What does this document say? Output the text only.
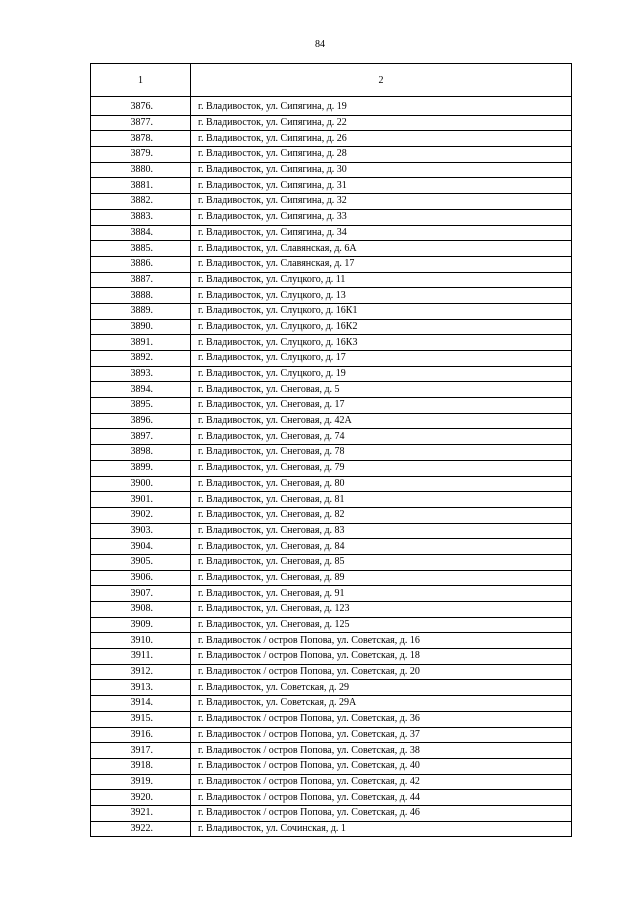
84
1	2

3876.	г. Владивосток, ул. Сипягина, д. 19
3877.	г. Владивосток, ул. Сипягина, д. 22
3878.	г. Владивосток, ул. Сипягина, д. 26
3879.	г. Владивосток, ул. Сипягина, д. 28
3880.	г. Владивосток, ул. Сипягина, д. 30
3881.	г. Владивосток, ул. Сипягина, д. 31
3882.	г. Владивосток, ул. Сипягина, д. 32
3883.	г. Владивосток, ул. Сипягина, д. 33
3884.	г. Владивосток, ул. Сипягина, д. 34
3885.	г. Владивосток, ул. Славянская, д. 6А
3886.	г. Владивосток, ул. Славянская, д. 17
3887.	г. Владивосток, ул. Слуцкого, д. 11
3888.	г. Владивосток, ул. Слуцкого, д. 13
3889.	г. Владивосток, ул. Слуцкого, д. 16К1
3890.	г. Владивосток, ул. Слуцкого, д. 16К2
3891.	г. Владивосток, ул. Слуцкого, д. 16К3
3892.	г. Владивосток, ул. Слуцкого, д. 17
3893.	г. Владивосток, ул. Слуцкого, д. 19
3894.	г. Владивосток, ул. Снеговая, д. 5
3895.	г. Владивосток, ул. Снеговая, д. 17
3896.	г. Владивосток, ул. Снеговая, д. 42А
3897.	г. Владивосток, ул. Снеговая, д. 74
3898.	г. Владивосток, ул. Снеговая, д. 78
3899.	г. Владивосток, ул. Снеговая, д. 79
3900.	г. Владивосток, ул. Снеговая, д. 80
3901.	г. Владивосток, ул. Снеговая, д. 81
3902.	г. Владивосток, ул. Снеговая, д. 82
3903.	г. Владивосток, ул. Снеговая, д. 83
3904.	г. Владивосток, ул. Снеговая, д. 84
3905.	г. Владивосток, ул. Снеговая, д. 85
3906.	г. Владивосток, ул. Снеговая, д. 89
3907.	г. Владивосток, ул. Снеговая, д. 91
3908.	г. Владивосток, ул. Снеговая, д. 123
3909.	г. Владивосток, ул. Снеговая, д. 125
3910.	г. Владивосток / остров Попова, ул. Советская, д. 16
3911.	г. Владивосток / остров Попова, ул. Советская, д. 18
3912.	г. Владивосток / остров Попова, ул. Советская, д. 20
3913.	г. Владивосток, ул. Советская, д. 29
3914.	г. Владивосток, ул. Советская, д. 29А
3915.	г. Владивосток / остров Попова, ул. Советская, д. 36
3916.	г. Владивосток / остров Попова, ул. Советская, д. 37
3917.	г. Владивосток / остров Попова, ул. Советская, д. 38
3918.	г. Владивосток / остров Попова, ул. Советская, д. 40
3919.	г. Владивосток / остров Попова, ул. Советская, д. 42
3920.	г. Владивосток / остров Попова, ул. Советская, д. 44
3921.	г. Владивосток / остров Попова, ул. Советская, д. 46
3922.	г. Владивосток, ул. Сочинская, д. 1
